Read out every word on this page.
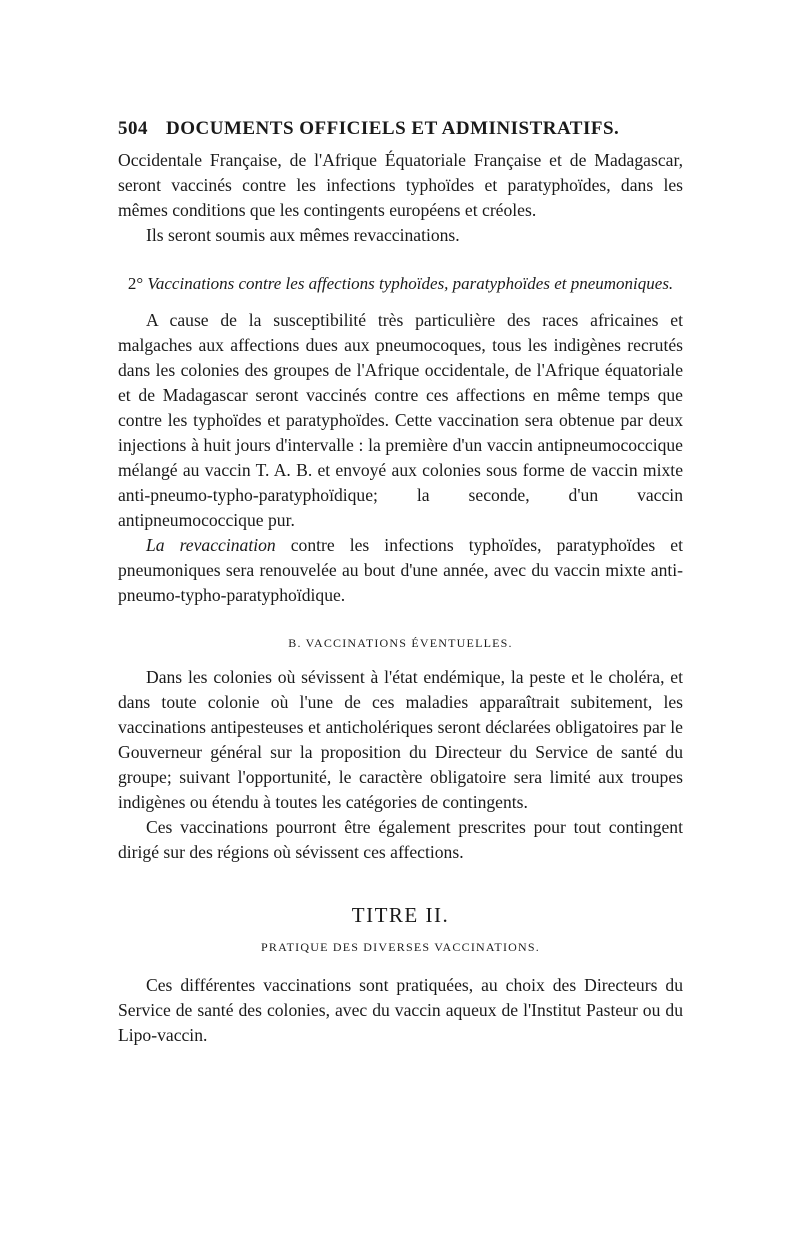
504 DOCUMENTS OFFICIELS ET ADMINISTRATIFS.

Occidentale Française, de l'Afrique Équatoriale Française et de Madagascar, seront vaccinés contre les infections typhoïdes et paratyphoïdes, dans les mêmes conditions que les contingents européens et créoles.

Ils seront soumis aux mêmes revaccinations.

2° Vaccinations contre les affections typhoïdes, paratyphoïdes et pneumoniques.

A cause de la susceptibilité très particulière des races africaines et malgaches aux affections dues aux pneumocoques, tous les indigènes recrutés dans les colonies des groupes de l'Afrique occidentale, de l'Afrique équatoriale et de Madagascar seront vaccinés contre ces affections en même temps que contre les typhoïdes et paratyphoïdes. Cette vaccination sera obtenue par deux injections à huit jours d'intervalle : la première d'un vaccin antipneumococcique mélangé au vaccin T. A. B. et envoyé aux colonies sous forme de vaccin mixte anti-pneumo-typho-paratyphoïdique; la seconde, d'un vaccin antipneumococcique pur.

La revaccination contre les infections typhoïdes, paratyphoïdes et pneumoniques sera renouvelée au bout d'une année, avec du vaccin mixte anti-pneumo-typho-paratyphoïdique.

B. VACCINATIONS ÉVENTUELLES.

Dans les colonies où sévissent à l'état endémique, la peste et le choléra, et dans toute colonie où l'une de ces maladies apparaîtrait subitement, les vaccinations antipesteuses et anticholériques seront déclarées obligatoires par le Gouverneur général sur la proposition du Directeur du Service de santé du groupe; suivant l'opportunité, le caractère obligatoire sera limité aux troupes indigènes ou étendu à toutes les catégories de contingents.

Ces vaccinations pourront être également prescrites pour tout contingent dirigé sur des régions où sévissent ces affections.

TITRE II.
PRATIQUE DES DIVERSES VACCINATIONS.

Ces différentes vaccinations sont pratiquées, au choix des Directeurs du Service de santé des colonies, avec du vaccin aqueux de l'Institut Pasteur ou du Lipo-vaccin.
